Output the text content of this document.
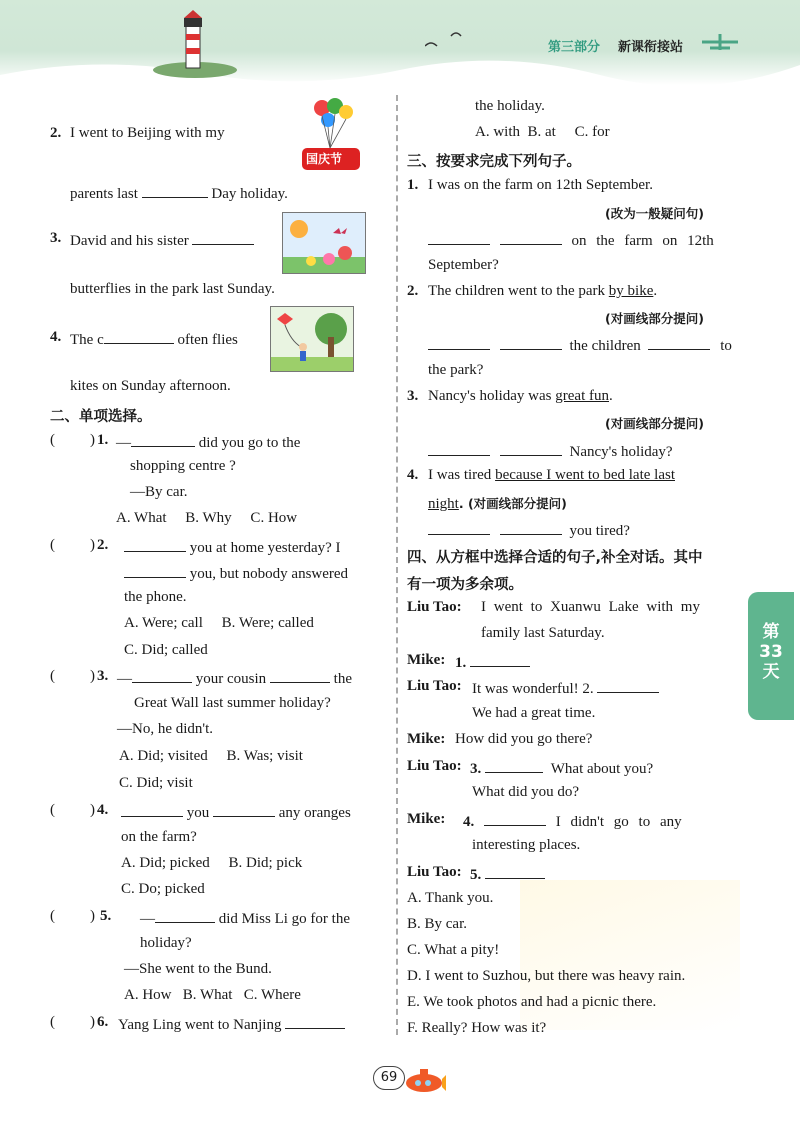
第三部分 新课衔接站
2. I went to Beijing with my
国庆节
parents last	Day holiday.
3. David and his sister
butterflies in the park last Sunday.
4. The c	often flies
kites on Sunday afternoon.
二、单项选择。
( ) 1. —	did you go to the
shopping centre ?
—By car.
A. What     B. Why     C. How
( ) 2.	you at home yesterday? I
you, but nobody answered
the phone.
A. Were; call     B. Were; called
C. Did; called
( ) 3. —	your cousin	the
Great Wall last summer holiday?
—No, he didn't.
A. Did; visited     B. Was; visit
C. Did; visit
( ) 4.	you	any oranges
on the farm?
A. Did; picked     B. Did; pick
C. Do; picked
( ) 5. —	did Miss Li go for the
holiday?
—She went to the Bund.
A. How   B. What   C. Where
( ) 6. Yang Ling went to Nanjing
the holiday.
A. with  B. at     C. for
三、按要求完成下列句子。
1. I was on the farm on 12th September.
(改为一般疑问句)
on the farm on 12th
September?
2. The children went to the park by bike.
(对画线部分提问)
the children	to
the park?
3. Nancy's holiday was great fun.
(对画线部分提问)
Nancy's holiday?
4. I was tired because I went to bed late last
night. (对画线部分提问)
you tired?
四、从方框中选择合适的句子,补全对话。其中
有一项为多余项。
Liu Tao: I went to Xuanwu Lake with my
family last Saturday.
Mike: 1.
Liu Tao: It was wonderful! 2.
We had a great time.
Mike: How did you go there?
Liu Tao: 3.	What about you?
What did you do?
Mike: 4.	I didn't go to any
interesting places.
Liu Tao: 5.
A. Thank you.
B. By car.
C. What a pity!
D. I went to Suzhou, but there was heavy rain.
E. We took photos and had a picnic there.
F. Really? How was it?
第
33
天
69
